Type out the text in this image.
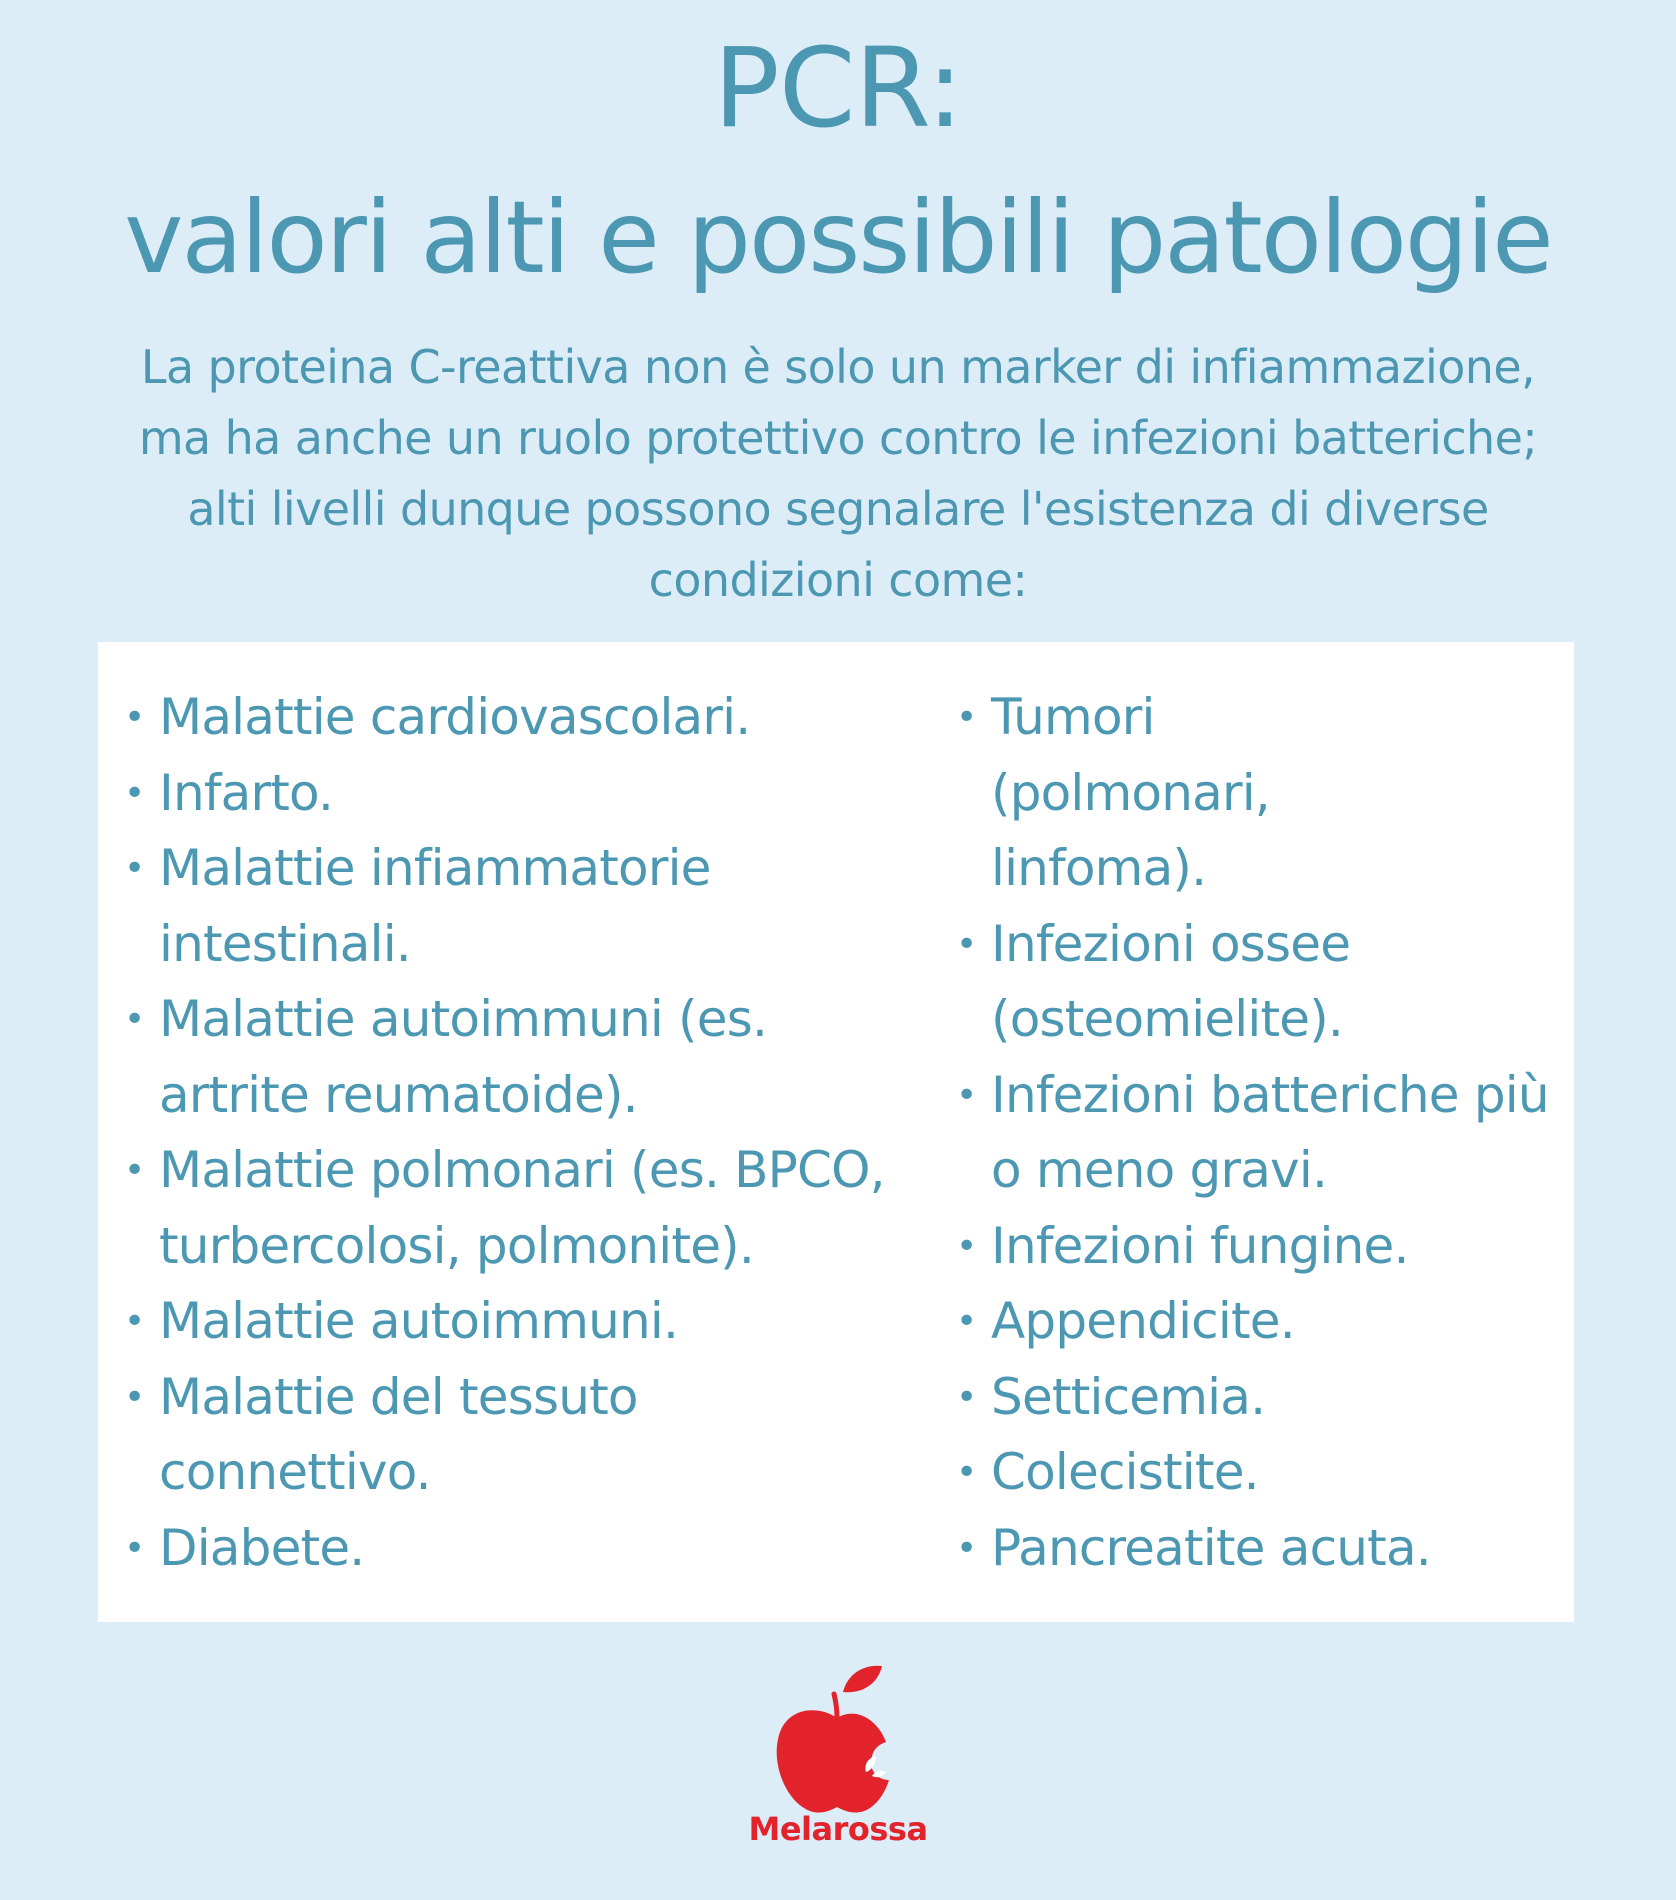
PCR:
valori alti e possibili patologie

La proteina C-reattiva non è solo un marker di infiammazione, ma ha anche un ruolo protettivo contro le infezioni batteriche; alti livelli dunque possono segnalare l'esistenza di diverse condizioni come:

• Malattie cardiovascolari.
• Infarto.
• Malattie infiammatorie intestinali.
• Malattie autoimmuni (es. artrite reumatoide).
• Malattie polmonari (es. BPCO, turbercolosi, polmonite).
• Malattie autoimmuni.
• Malattie del tessuto connettivo.
• Diabete.
• Tumori (polmonari, linfoma).
• Infezioni ossee (osteomielite).
• Infezioni batteriche più o meno gravi.
• Infezioni fungine.
• Appendicite.
• Setticemia.
• Colecistite.
• Pancreatite acuta.
Melarossa
